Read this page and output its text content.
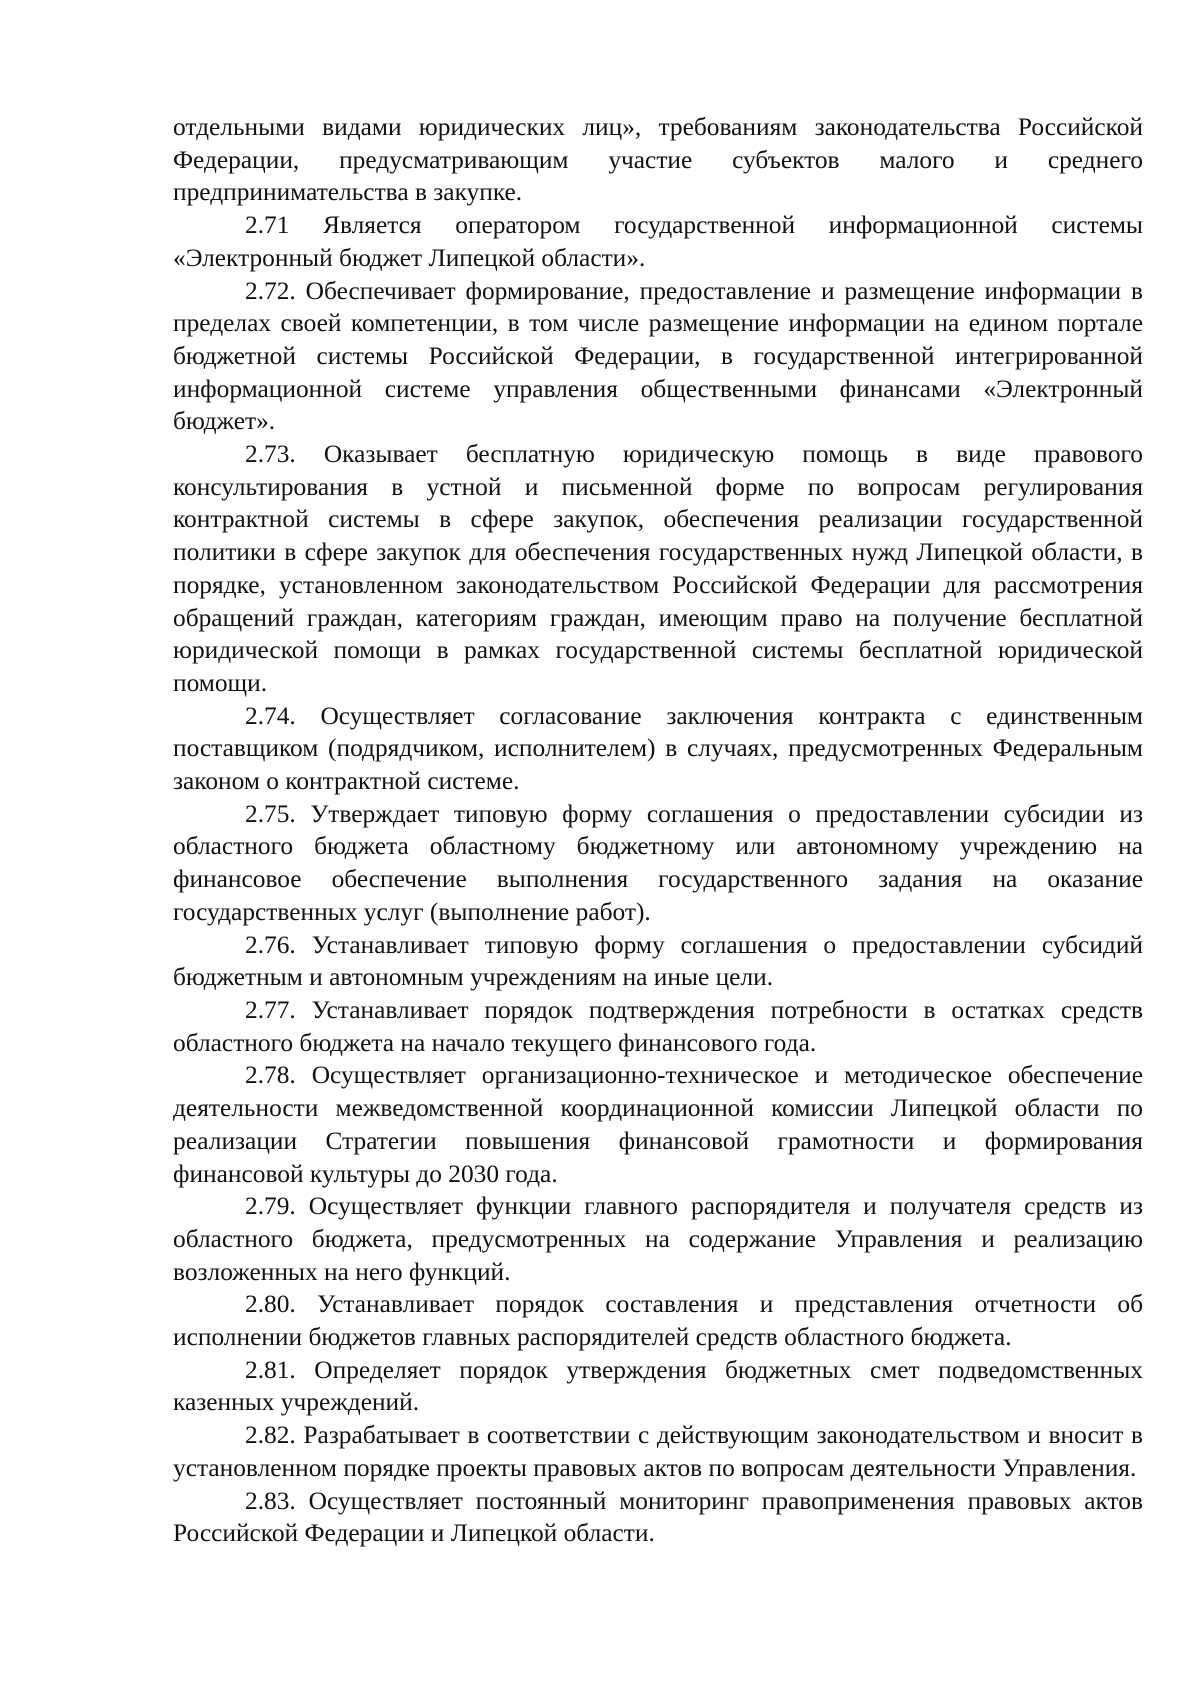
отдельными видами юридических лиц», требованиям законодательства Российской Федерации, предусматривающим участие субъектов малого и среднего предпринимательства в закупке.

2.71 Является оператором государственной информационной системы «Электронный бюджет Липецкой области».

2.72. Обеспечивает формирование, предоставление и размещение информации в пределах своей компетенции, в том числе размещение информации на едином портале бюджетной системы Российской Федерации, в государственной интегрированной информационной системе управления общественными финансами «Электронный бюджет».

2.73. Оказывает бесплатную юридическую помощь в виде правового консультирования в устной и письменной форме по вопросам регулирования контрактной системы в сфере закупок, обеспечения реализации государственной политики в сфере закупок для обеспечения государственных нужд Липецкой области, в порядке, установленном законодательством Российской Федерации для рассмотрения обращений граждан, категориям граждан, имеющим право на получение бесплатной юридической помощи в рамках государственной системы бесплатной юридической помощи.

2.74. Осуществляет согласование заключения контракта с единственным поставщиком (подрядчиком, исполнителем) в случаях, предусмотренных Федеральным законом о контрактной системе.

2.75. Утверждает типовую форму соглашения о предоставлении субсидии из областного бюджета областному бюджетному или автономному учреждению на финансовое обеспечение выполнения государственного задания на оказание государственных услуг (выполнение работ).

2.76. Устанавливает типовую форму соглашения о предоставлении субсидий бюджетным и автономным учреждениям на иные цели.

2.77. Устанавливает порядок подтверждения потребности в остатках средств областного бюджета на начало текущего финансового года.

2.78. Осуществляет организационно-техническое и методическое обеспечение деятельности межведомственной координационной комиссии Липецкой области по реализации Стратегии повышения финансовой грамотности и формирования финансовой культуры до 2030 года.

2.79. Осуществляет функции главного распорядителя и получателя средств из областного бюджета, предусмотренных на содержание Управления и реализацию возложенных на него функций.

2.80. Устанавливает порядок составления и представления отчетности об исполнении бюджетов главных распорядителей средств областного бюджета.

2.81. Определяет порядок утверждения бюджетных смет подведомственных казенных учреждений.

2.82. Разрабатывает в соответствии с действующим законодательством и вносит в установленном порядке проекты правовых актов по вопросам деятельности Управления.

2.83. Осуществляет постоянный мониторинг правоприменения правовых актов Российской Федерации и Липецкой области.
